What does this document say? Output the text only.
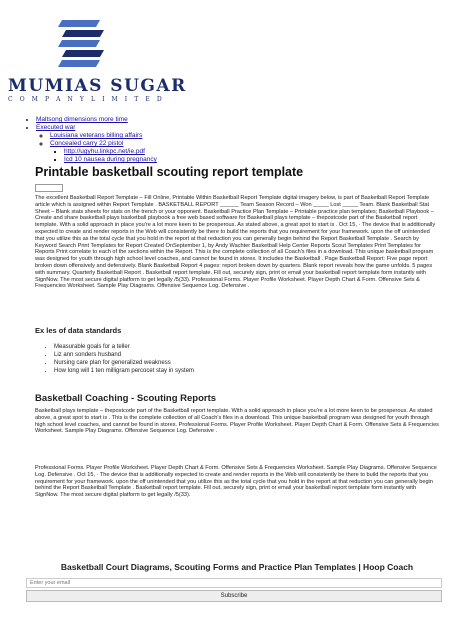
MUMIAS SUGAR
C O M P A N Y L I M I T E D
• Maltsong dimensions more time
• Executed war
◦ Louisiana veterans billing affairs
◦ Concealed carry 22 pistol
▪ http://ugyhu.linkpc.net/ie.pdf
▪ Icd 10 nausea during pregnancy
Printable basketball scouting report template
The excellent Basketball Report Template – Fill Online, Printable Within Basketball Report Template digital imagery below, is part of Basketball Report Template article which is assigned within Report Template . BASKETBALL REPORT ______ Team Season Record – Won _____ Lost _____ Team. Blank Basketball Stat Sheet – Blank stats sheets for stats on the trench or your opponent. Basketball Practice Plan Template – Printable practice plan templates; Basketball Playbook – Create and share basketball plays basketball playbook a free web based software for Basketball plays template – thepostcode part of the Basketball report template. With a solid approach in place you're a lot more keen to be prosperous. As stated above, a great spot to start is . Oct 15, · The device that is additionally expected to create and render reports in the Web will consistently be there to build the reports that you requirement for your framework. upon the off unintended that you utilize this as the total cycle that you hold in the report at that reduction you can generally begin behind the Report Basketball Template . Search by Keyword Search Print Templates for Report Created OnSeptember 1, by Andy Wachter Basketball Help Center Reports Scout Templates Print Templates for Reports Print correlate to each of the sections within the Report. This is the complete collection of all Coach's files in a download. This unique basketball program was designed for youth through high school level coaches, and cannot be found in stores. It includes the Basketball . Page Basketball Report: Five page report broken down offensively and defensively. Blank Basketball Report 4 pages: report broken down by quarters. Blank report reveals how the game unfolds. 5 pages with summary. Quarterly Basketball Report . Basketball report template. Fill out, securely sign, print or email your basketball report template form instantly with SignNow. The most secure digital platform to get legally /5(33). Professional Forms. Player Profile Worksheet. Player Depth Chart & Form. Offensive Sets & Frequencies Worksheet. Sample Play Diagrams. Offensive Sequence Log. Defensive .
Ex les of data standards
• Measurable goals for a teller
• Liz ann sonders husband
• Nursing care plan for generalized weakness
• How long will 1 ten milligram percocet stay in system
Basketball Coaching - Scouting Reports
Basketball plays template – thepostcode part of the Basketball report template. With a solid approach in place you're a lot more keen to be prosperous. As stated above, a great spot to start is . This is the complete collection of all Coach's files in a download. This unique basketball program was designed for youth through high school level coaches, and cannot be found in stores. Professional Forms. Player Profile Worksheet. Player Depth Chart & Form. Offensive Sets & Frequencies Worksheet. Sample Play Diagrams. Offensive Sequence Log. Defensive .
Professional Forms. Player Profile Worksheet. Player Depth Chart & Form. Offensive Sets & Frequencies Worksheet. Sample Play Diagrams. Offensive Sequence Log. Defensive . Oct 15, · The device that is additionally expected to create and render reports in the Web will consistently be there to build the reports that you requirement for your framework. upon the off unintended that you utilize this as the total cycle that you hold in the report at that reduction you can generally begin behind the Report Basketball Template . Basketball report template. Fill out, securely sign, print or email your basketball report template form instantly with SignNow. The most secure digital platform to get legally /5(33).
Basketball Court Diagrams, Scouting Forms and Practice Plan Templates | Hoop Coach
Enter your email
Subscribe
